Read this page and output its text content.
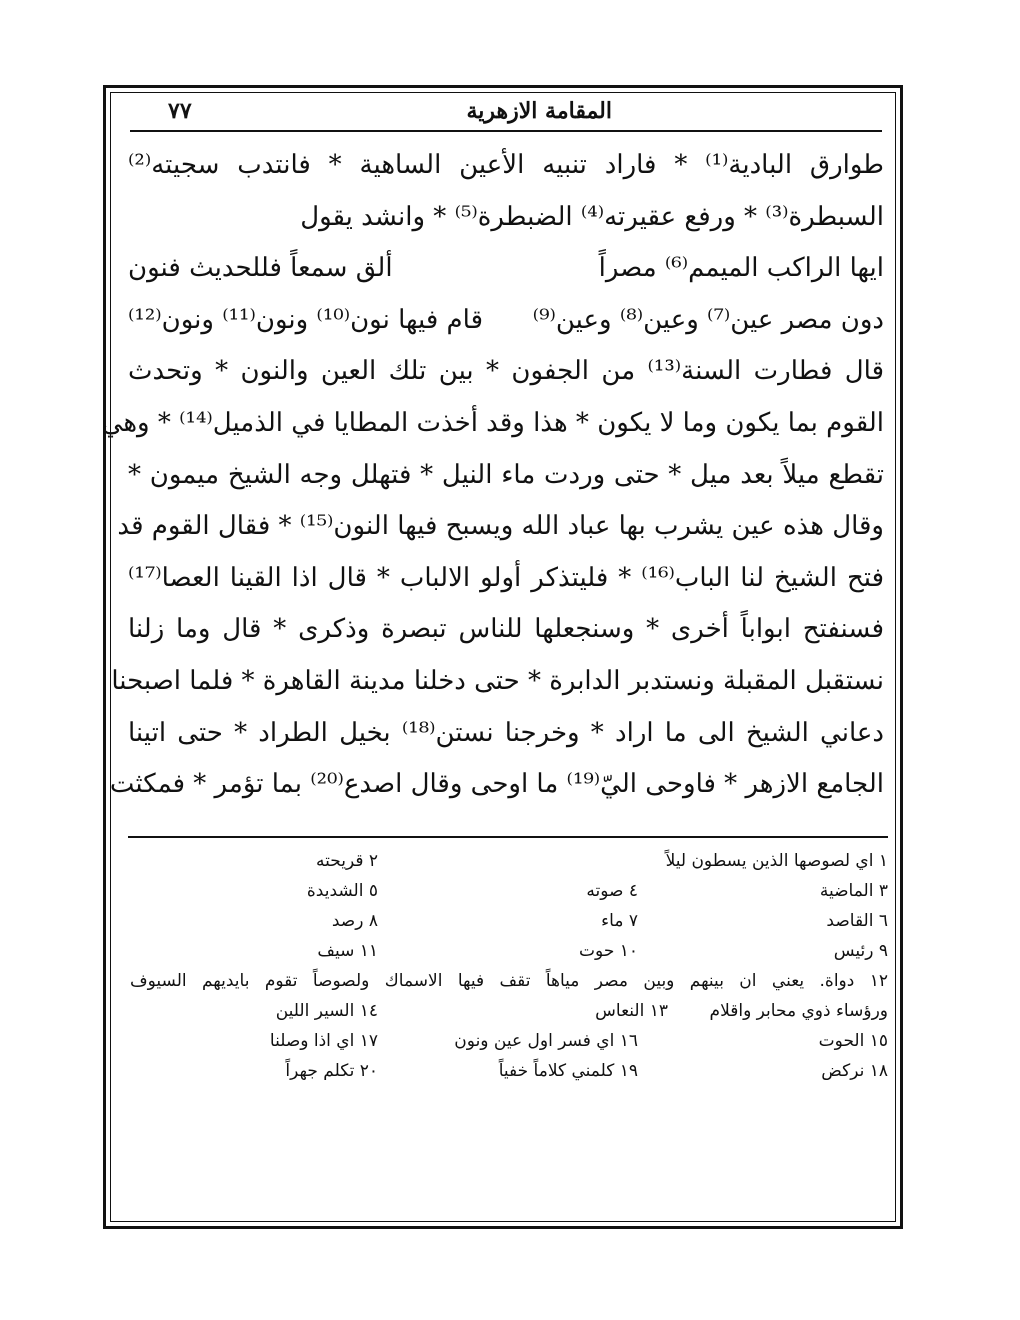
المقامة الازهرية
٧٧
طوارق البادية⁽¹⁾ * فاراد تنبيه الأعين الساهية * فانتدب سجيته⁽²⁾
السبطرة⁽³⁾ * ورفع عقيرته⁽⁴⁾ الضبطرة⁽⁵⁾ * وانشد يقول
ايها الراكب الميمم⁽⁶⁾ مصراً
ألق سمعاً فللحديث فنون
دون مصر عين⁽⁷⁾ وعين⁽⁸⁾ وعين⁽⁹⁾
قام فيها نون⁽¹⁰⁾ ونون⁽¹¹⁾ ونون⁽¹²⁾
قال فطارت السنة⁽¹³⁾ من الجفون * بين تلك العين والنون * وتحدث
القوم بما يكون وما لا يكون * هذا وقد أخذت المطايا في الذميل⁽¹⁴⁾ * وهي
تقطع ميلاً بعد ميل * حتى وردت ماء النيل * فتهلل وجه الشيخ ميمون *
وقال هذه عين يشرب بها عباد الله ويسبح فيها النون⁽¹⁵⁾ * فقال القوم قد
فتح الشيخ لنا الباب⁽¹⁶⁾ * فليتذكر أولو الالباب * قال اذا القينا العصا⁽¹⁷⁾
فسنفتح ابواباً أخرى * وسنجعلها للناس تبصرة وذكرى * قال وما زلنا
نستقبل المقبلة ونستدبر الدابرة * حتى دخلنا مدينة القاهرة * فلما اصبحنا
دعاني الشيخ الى ما اراد * وخرجنا نستن⁽¹⁸⁾ بخيل الطراد * حتى اتينا
الجامع الازهر * فاوحى اليّ⁽¹⁹⁾ ما اوحى وقال اصدع⁽²⁰⁾ بما تؤمر * فمكثت
١ اي لصوصها الذين يسطون ليلاً
٢ قريحته
٣ الماضية
٤ صوته
٥ الشديدة
٦ القاصد
٧ ماء
٨ رصد
٩ رئيس
١٠ حوت
١١ سيف
١٢ دواة. يعني ان بينهم وبين مصر مياهاً تقف فيها الاسماك ولصوصاً تقوم بايديهم السيوف
ورؤساء ذوي محابر واقلام
١٣ النعاس
١٤ السير اللين
١٥ الحوت
١٦ اي فسر اول عين ونون
١٧ اي اذا وصلنا
١٨ نركض
١٩ كلمني كلاماً خفياً
٢٠ تكلم جهراً
